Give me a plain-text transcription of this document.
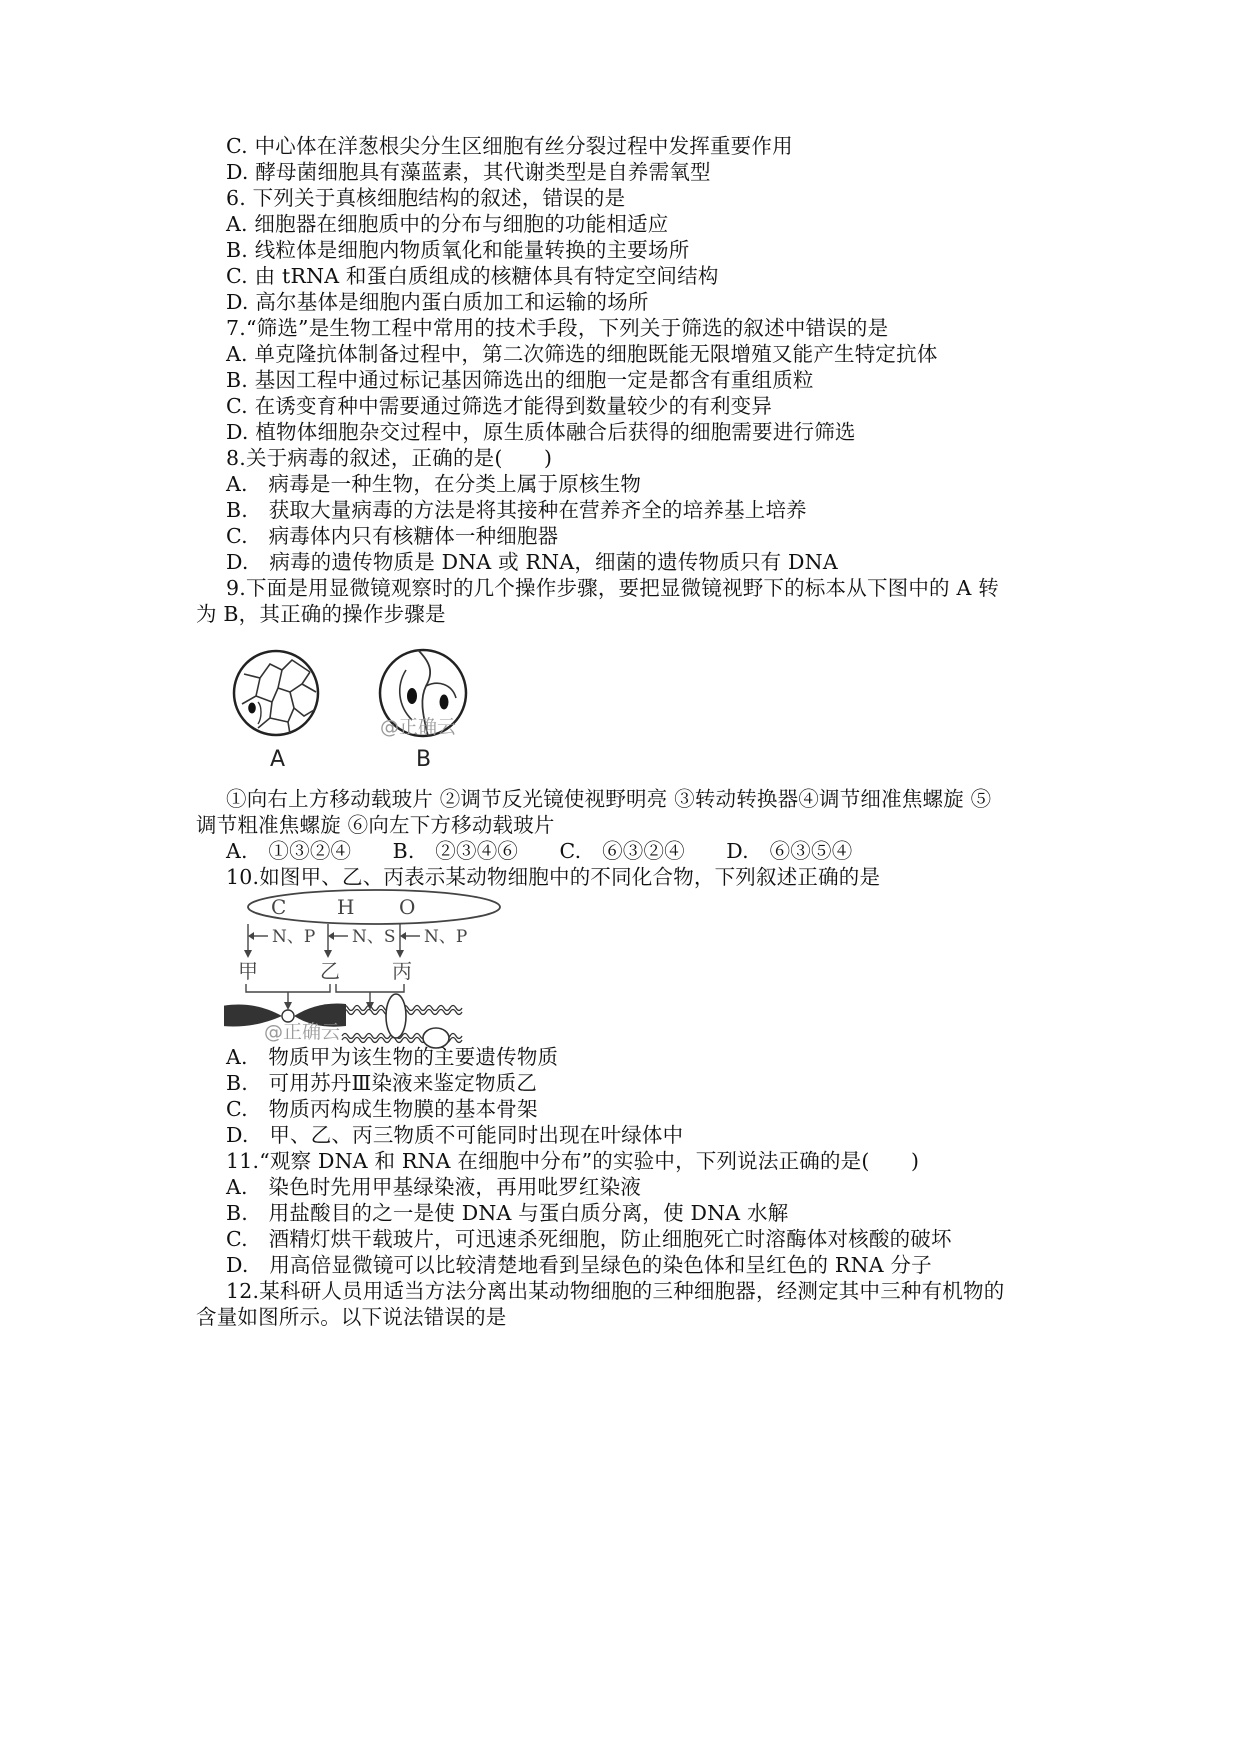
C. 中心体在洋葱根尖分生区细胞有丝分裂过程中发挥重要作用
D. 酵母菌细胞具有藻蓝素，其代谢类型是自养需氧型
6. 下列关于真核细胞结构的叙述，错误的是
A. 细胞器在细胞质中的分布与细胞的功能相适应
B. 线粒体是细胞内物质氧化和能量转换的主要场所
C. 由 tRNA 和蛋白质组成的核糖体具有特定空间结构
D. 高尔基体是细胞内蛋白质加工和运输的场所
7.“筛选”是生物工程中常用的技术手段，下列关于筛选的叙述中错误的是
A. 单克隆抗体制备过程中，第二次筛选的细胞既能无限增殖又能产生特定抗体
B. 基因工程中通过标记基因筛选出的细胞一定是都含有重组质粒
C. 在诱变育种中需要通过筛选才能得到数量较少的有利变异
D. 植物体细胞杂交过程中，原生质体融合后获得的细胞需要进行筛选
8.关于病毒的叙述，正确的是(　　)
A.　病毒是一种生物，在分类上属于原核生物
B.　获取大量病毒的方法是将其接种在营养齐全的培养基上培养
C.　病毒体内只有核糖体一种细胞器
D.　病毒的遗传物质是 DNA 或 RNA，细菌的遗传物质只有 DNA
9.下面是用显微镜观察时的几个操作步骤，要把显微镜视野下的标本从下图中的 A 转
为 B，其正确的操作步骤是
@正确云
A	B
①向右上方移动载玻片 ②调节反光镜使视野明亮 ③转动转换器④调节细准焦螺旋 ⑤
调节粗准焦螺旋 ⑥向左下方移动载玻片
A.　①③②④　　B.　②③④⑥　　C.　⑥③②④　　D.　⑥③⑤④
10.如图甲、乙、丙表示某动物细胞中的不同化合物，下列叙述正确的是
C	H O
N、P N、S N、P
甲	乙	丙
@正确云
A.　物质甲为该生物的主要遗传物质
B.　可用苏丹Ⅲ染液来鉴定物质乙
C.　物质丙构成生物膜的基本骨架
D.　甲、乙、丙三物质不可能同时出现在叶绿体中
11.“观察 DNA 和 RNA 在细胞中分布”的实验中，下列说法正确的是(　　)
A.　染色时先用甲基绿染液，再用吡罗红染液
B.　用盐酸目的之一是使 DNA 与蛋白质分离，使 DNA 水解
C.　酒精灯烘干载玻片，可迅速杀死细胞，防止细胞死亡时溶酶体对核酸的破坏
D.　用高倍显微镜可以比较清楚地看到呈绿色的染色体和呈红色的 RNA 分子
12.某科研人员用适当方法分离出某动物细胞的三种细胞器，经测定其中三种有机物的
含量如图所示。以下说法错误的是
